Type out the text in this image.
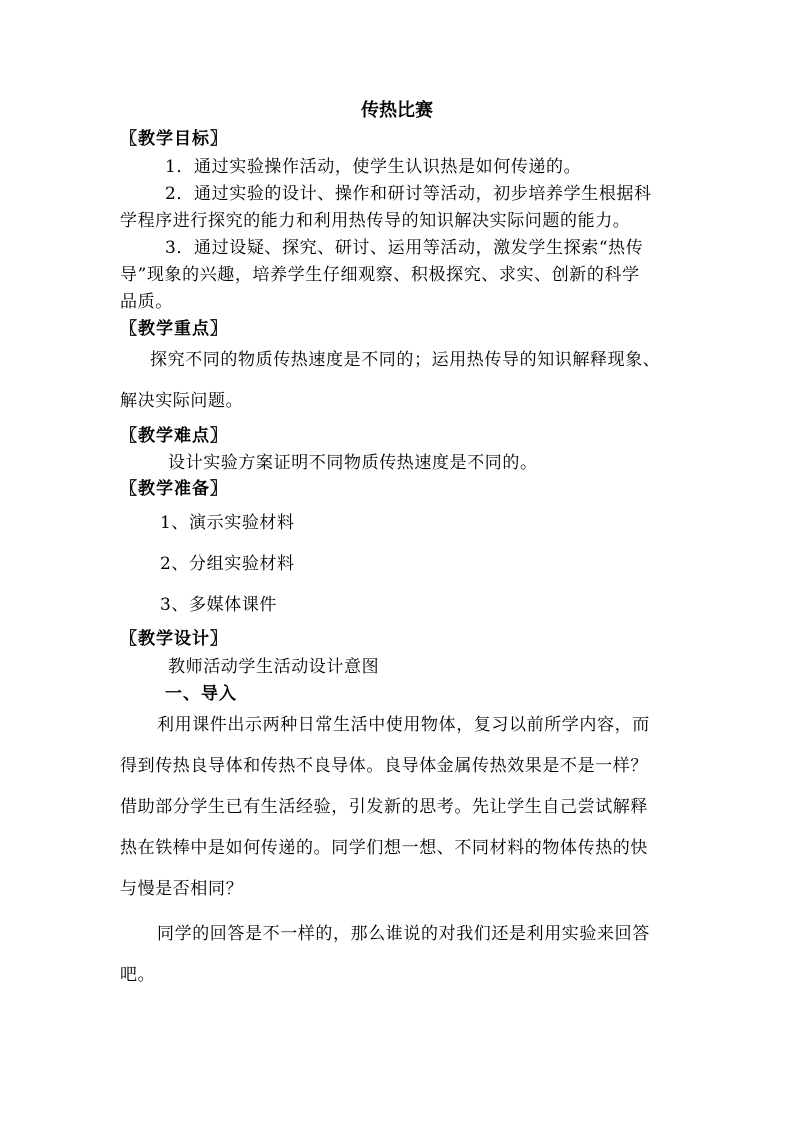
传热比赛
〖教学目标〗
1．通过实验操作活动，使学生认识热是如何传递的。
2．通过实验的设计、操作和研讨等活动，初步培养学生根据科
学程序进行探究的能力和利用热传导的知识解决实际问题的能力。
3．通过设疑、探究、研讨、运用等活动，激发学生探索“热传
导”现象的兴趣，培养学生仔细观察、积极探究、求实、创新的科学
品质。
〖教学重点〗
探究不同的物质传热速度是不同的；运用热传导的知识解释现象、
解决实际问题。
〖教学难点〗
设计实验方案证明不同物质传热速度是不同的。
〖教学准备〗
1、演示实验材料
2、分组实验材料
3、多媒体课件
〖教学设计〗
教师活动学生活动设计意图
一、导入
利用课件出示两种日常生活中使用物体，复习以前所学内容，而
得到传热良导体和传热不良导体。良导体金属传热效果是不是一样？
借助部分学生已有生活经验，引发新的思考。先让学生自己尝试解释
热在铁棒中是如何传递的。同学们想一想、不同材料的物体传热的快
与慢是否相同？
同学的回答是不一样的，那么谁说的对我们还是利用实验来回答
吧。
